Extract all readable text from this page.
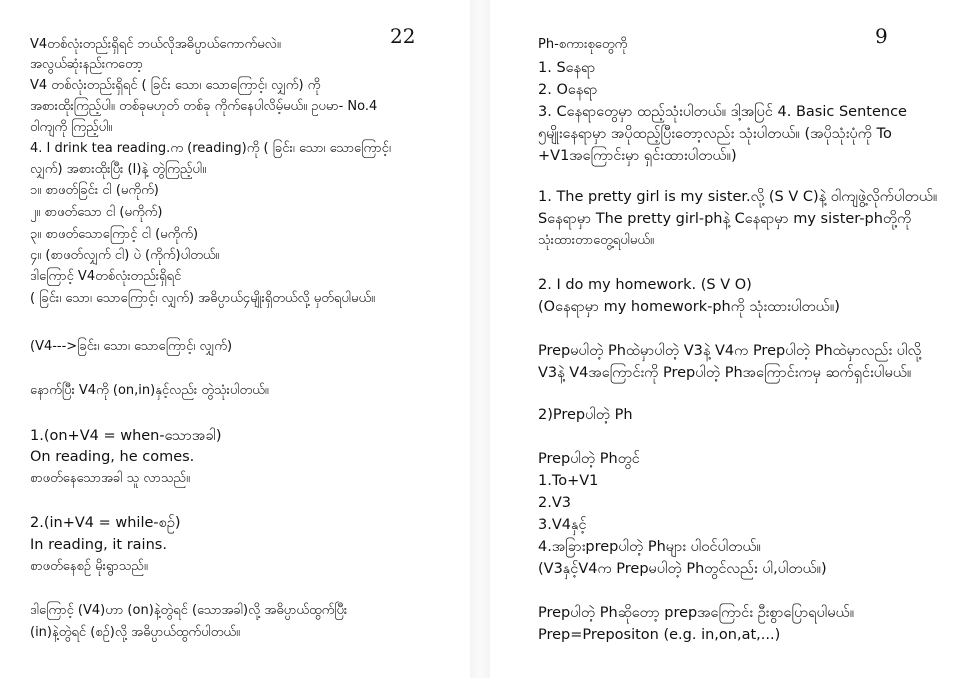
22
V4တစ်လုံးတည်းရှိရင် ဘယ်လိုအဓိပ္ပာယ်ကောက်မလဲ။
အလွယ်ဆုံးနည်းကတော့
V4 တစ်လုံးတည်းရှိရင် ( ခြင်း သော၊ သောကြောင့်၊ လျှက်) ကို
အစားထိုးကြည့်ပါ။ တစ်ခုမဟုတ် တစ်ခု ကိုက်နေပါလိမ့်မယ်။ ဥပမာ- No.4
ဝါကျကို ကြည့်ပါ။
4. I drink tea reading.က (reading)ကို ( ခြင်း၊ သော၊ သောကြောင့်၊
လျှက်) အစားထိုးပြီး (I)နဲ့ တွဲကြည့်ပါ။
၁။ စာဖတ်ခြင်း ငါ (မကိုက်)
၂။ စာဖတ်သော ငါ (မကိုက်)
၃။ စာဖတ်သောကြောင့် ငါ (မကိုက်)
၄။ (စာဖတ်လျှက် ငါ) ပဲ (ကိုက်)ပါတယ်။
ဒါကြောင့် V4တစ်လုံးတည်းရှိရင်
( ခြင်း၊ သော၊ သောကြောင့်၊ လျှက်) အဓိပ္ပာယ်၄မျိုးရှိတယ်လို့ မှတ်ရပါမယ်။
(V4--->ခြင်း၊ သော၊ သောကြောင့်၊ လျှက်)
နောက်ပြီး V4ကို (on,in)နှင့်လည်း တွဲသုံးပါတယ်။
1.(on+V4 = when-သောအခါ)
On reading, he comes.
စာဖတ်နေသောအခါ သူ လာသည်။
2.(in+V4 = while-စဉ်)
In reading, it rains.
စာဖတ်နေစဉ် မိုးရွာသည်။
ဒါကြောင့် (V4)ဟာ (on)နဲ့တွဲရင် (သောအခါ)လို့ အဓိပ္ပာယ်ထွက်ပြီး
(in)နဲ့တွဲရင် (စဉ်)လို့ အဓိပ္ပာယ်ထွက်ပါတယ်။
9
Ph-စကားစုတွေကို
1. Sနေရာ
2. Oနေရာ
3. Cနေရာတွေမှာ ထည့်သုံးပါတယ်။ ဒါ့အပြင် 4. Basic Sentence
၅မျိုးနေရာမှာ အပိုထည့်ပြီးတော့လည်း သုံးပါတယ်။ (အပိုသုံးပုံကို To
+V1အကြောင်းမှာ ရှင်းထားပါတယ်။)
1. The pretty girl is my sister.လို့ (S V C)နဲ့ ဝါကျဖွဲ့လိုက်ပါတယ်။
Sနေရာမှာ The pretty girl-phနဲ့ Cနေရာမှာ my sister-phတို့ကို
သုံးထားတာတွေ့ရပါမယ်။
2. I do my homework. (S V O)
(Oနေရာမှာ my homework-phကို သုံးထားပါတယ်။)
Prepမပါတဲ့ Phထဲမှာပါတဲ့ V3နဲ့ V4က Prepပါတဲ့ Phထဲမှာလည်း ပါလို့
V3နဲ့ V4အကြောင်းကို Prepပါတဲ့ Phအကြောင်းကမှ ဆက်ရှင်းပါမယ်။
2)Prepပါတဲ့ Ph
Prepပါတဲ့ Phတွင်
1.To+V1
2.V3
3.V4နှင့်
4.အခြားprepပါတဲ့ Phများ ပါဝင်ပါတယ်။
(V3နှင့်V4က Prepမပါတဲ့ Phတွင်လည်း ပါ,ပါတယ်။)
Prepပါတဲ့ Phဆိုတော့ prepအကြောင်း ဦးစွာပြောရပါမယ်။
Prep=Prepositon (e.g. in,on,at,...)
